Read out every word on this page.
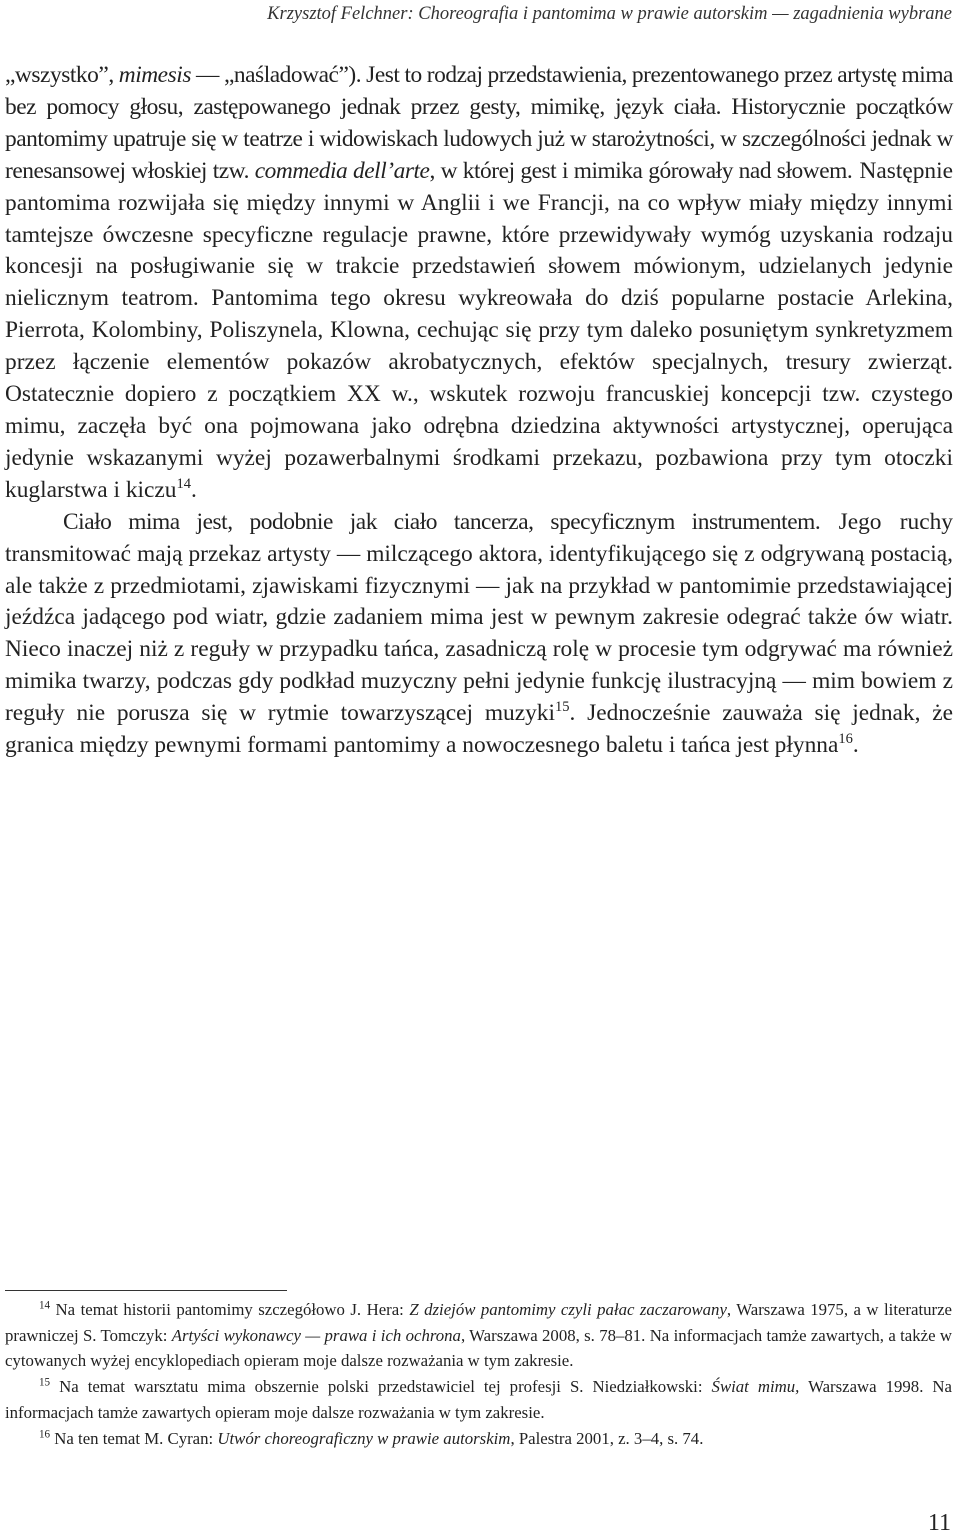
Krzysztof Felchner: Choreografia i pantomima w prawie autorskim — zagadnienia wybrane

„wszystko”, mimesis — „naśladować”). Jest to rodzaj przedstawienia, prezentowanego przez artystę mima bez pomocy głosu, zastępowanego jednak przez gesty, mimikę, język ciała. Historycznie początków pantomimy upatruje się w teatrze i widowiskach ludowych już w starożytności, w szczególności jednak w renesansowej włoskiej tzw. commedia dell’arte, w której gest i mimika górowały nad słowem. Następnie pantomima rozwijała się między innymi w Anglii i we Francji, na co wpływ miały między innymi tamtejsze ówczesne specyficzne regulacje prawne, które przewidywały wymóg uzyskania rodzaju koncesji na posługiwanie się w trakcie przedstawień słowem mówionym, udzielanych jedynie nielicznym teatrom. Pantomima tego okresu wykreowała do dziś popularne postacie Arlekina, Pierrota, Kolombiny, Poliszynela, Klowna, cechując się przy tym daleko posuniętym synkretyzmem przez łączenie elementów pokazów akrobatycznych, efektów specjalnych, tresury zwierząt. Ostatecznie dopiero z początkiem XX w., wskutek rozwoju francuskiej koncepcji tzw. czystego mimu, zaczęła być ona pojmowana jako odrębna dziedzina aktywności artystycznej, operująca jedynie wskazanymi wyżej pozawerbalnymi środkami przekazu, pozbawiona przy tym otoczki kuglarstwa i kiczu$^{14}$.

Ciało mima jest, podobnie jak ciało tancerza, specyficznym instrumentem. Jego ruchy transmitować mają przekaz artysty — milczącego aktora, identyfikującego się z odgrywaną postacią, ale także z przedmiotami, zjawiskami fizycznymi — jak na przykład w pantomimie przedstawiającej jeźdźca jadącego pod wiatr, gdzie zadaniem mima jest w pewnym zakresie odegrać także ów wiatr. Nieco inaczej niż z reguły w przypadku tańca, zasadniczą rolę w procesie tym odgrywać ma również mimika twarzy, podczas gdy podkład muzyczny pełni jedynie funkcję ilustracyjną — mim bowiem z reguły nie porusza się w rytmie towarzyszącej muzyki$^{15}$. Jednocześnie zauważa się jednak, że granica między pewnymi formami pantomimy a nowoczesnego baletu i tańca jest płynna$^{16}$.

$^{14}$ Na temat historii pantomimy szczegółowo J. Hera: Z dziejów pantomimy czyli pałac zaczarowany, Warszawa 1975, a w literaturze prawniczej S. Tomczyk: Artyści wykonawcy — prawa i ich ochrona, Warszawa 2008, s. 78–81. Na informacjach tamże zawartych, a także w cytowanych wyżej encyklopediach opieram moje dalsze rozważania w tym zakresie.

$^{15}$ Na temat warsztatu mima obszernie polski przedstawiciel tej profesji S. Niedziałkowski: Świat mimu, Warszawa 1998. Na informacjach tamże zawartych opieram moje dalsze rozważania w tym zakresie.

$^{16}$ Na ten temat M. Cyran: Utwór choreograficzny w prawie autorskim, Palestra 2001, z. 3–4, s. 74.

11
